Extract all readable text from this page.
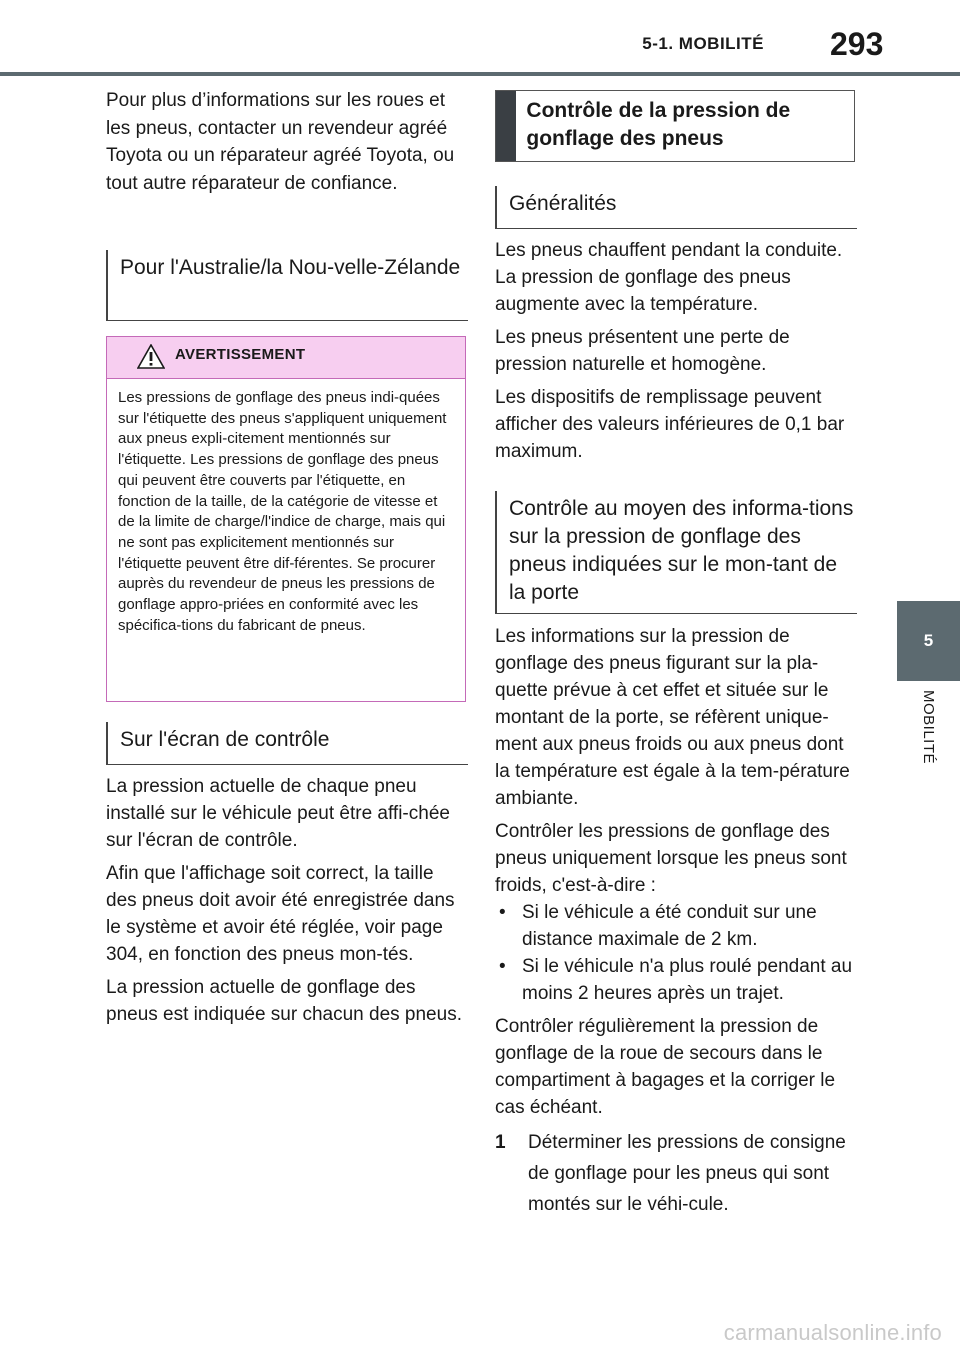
5-1. MOBILITÉ 293
5
MOBILITÉ

Pour plus d’informations sur les roues et les pneus, contacter un revendeur agréé Toyota ou un réparateur agréé Toyota, ou tout autre réparateur de confiance.

Pour l'Australie/la Nou-velle-Zélande
AVERTISSEMENT
Les pressions de gonflage des pneus indi-quées sur l'étiquette des pneus s'appliquent uniquement aux pneus expli-citement mentionnés sur l'étiquette. Les pressions de gonflage des pneus qui peuvent être couverts par l'étiquette, en fonction de la taille, de la catégorie de vitesse et de la limite de charge/l'indice de charge, mais qui ne sont pas explicitement mentionnés sur l'étiquette peuvent être dif-férentes. Se procurer auprès du revendeur de pneus les pressions de gonflage appro-priées en conformité avec les spécifica-tions du fabricant de pneus.
Sur l'écran de contrôle

La pression actuelle de chaque pneu installé sur le véhicule peut être affi-chée sur l'écran de contrôle.

Afin que l'affichage soit correct, la taille des pneus doit avoir été enregistrée dans le système et avoir été réglée, voir page 304, en fonction des pneus mon-tés.

La pression actuelle de gonflage des pneus est indiquée sur chacun des pneus.

Contrôle de la pression de gonflage des pneus
Généralités

Les pneus chauffent pendant la conduite. La pression de gonflage des pneus augmente avec la température.

Les pneus présentent une perte de pression naturelle et homogène.

Les dispositifs de remplissage peuvent afficher des valeurs inférieures de 0,1 bar maximum.

Contrôle au moyen des informa-tions sur la pression de gonflage des pneus indiquées sur le mon-tant de la porte

Les informations sur la pression de gonflage des pneus figurant sur la pla-quette prévue à cet effet et située sur le montant de la porte, se réfèrent unique-ment aux pneus froids ou aux pneus dont la température est égale à la tem-pérature ambiante.

Contrôler les pressions de gonflage des pneus uniquement lorsque les pneus sont froids, c'est-à-dire :

• Si le véhicule a été conduit sur une distance maximale de 2 km.
• Si le véhicule n'a plus roulé pendant au moins 2 heures après un trajet.

Contrôler régulièrement la pression de gonflage de la roue de secours dans le compartiment à bagages et la corriger le cas échéant.

1	Déterminer les pressions de consigne de gonflage pour les pneus qui sont montés sur le véhi-cule.
carmanualsonline.info
